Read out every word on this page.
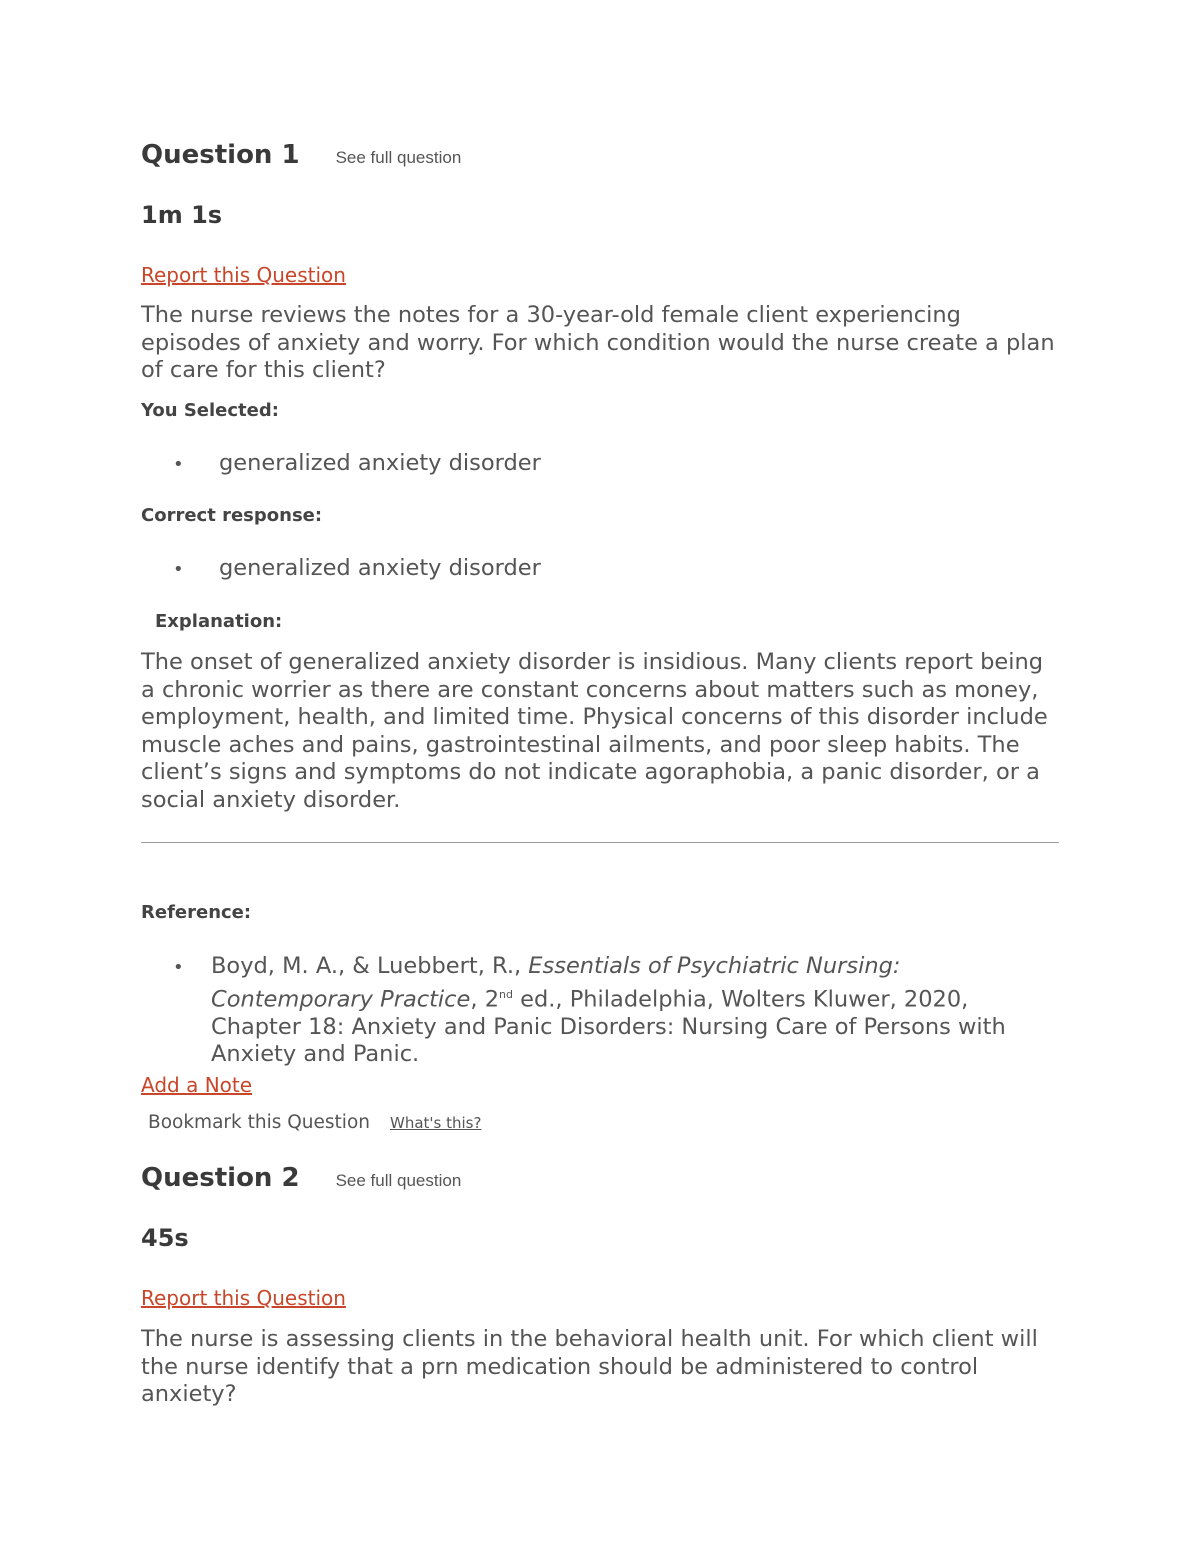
Question 1 See full question
1m 1s
Report this Question
The nurse reviews the notes for a 30-year-old female client experiencing episodes of anxiety and worry. For which condition would the nurse create a plan of care for this client?
You Selected:
•	generalized anxiety disorder
Correct response:
•	generalized anxiety disorder
Explanation:
The onset of generalized anxiety disorder is insidious. Many clients report being a chronic worrier as there are constant concerns about matters such as money, employment, health, and limited time. Physical concerns of this disorder include muscle aches and pains, gastrointestinal ailments, and poor sleep habits. The client’s signs and symptoms do not indicate agoraphobia, a panic disorder, or a social anxiety disorder.
Reference:
•	Boyd, M. A., & Luebbert, R., Essentials of Psychiatric Nursing: Contemporary Practice, 2nd ed., Philadelphia, Wolters Kluwer, 2020, Chapter 18: Anxiety and Panic Disorders: Nursing Care of Persons with Anxiety and Panic.
Add a Note
Bookmark this Question What's this?
Question 2 See full question
45s
Report this Question
The nurse is assessing clients in the behavioral health unit. For which client will the nurse identify that a prn medication should be administered to control anxiety?
